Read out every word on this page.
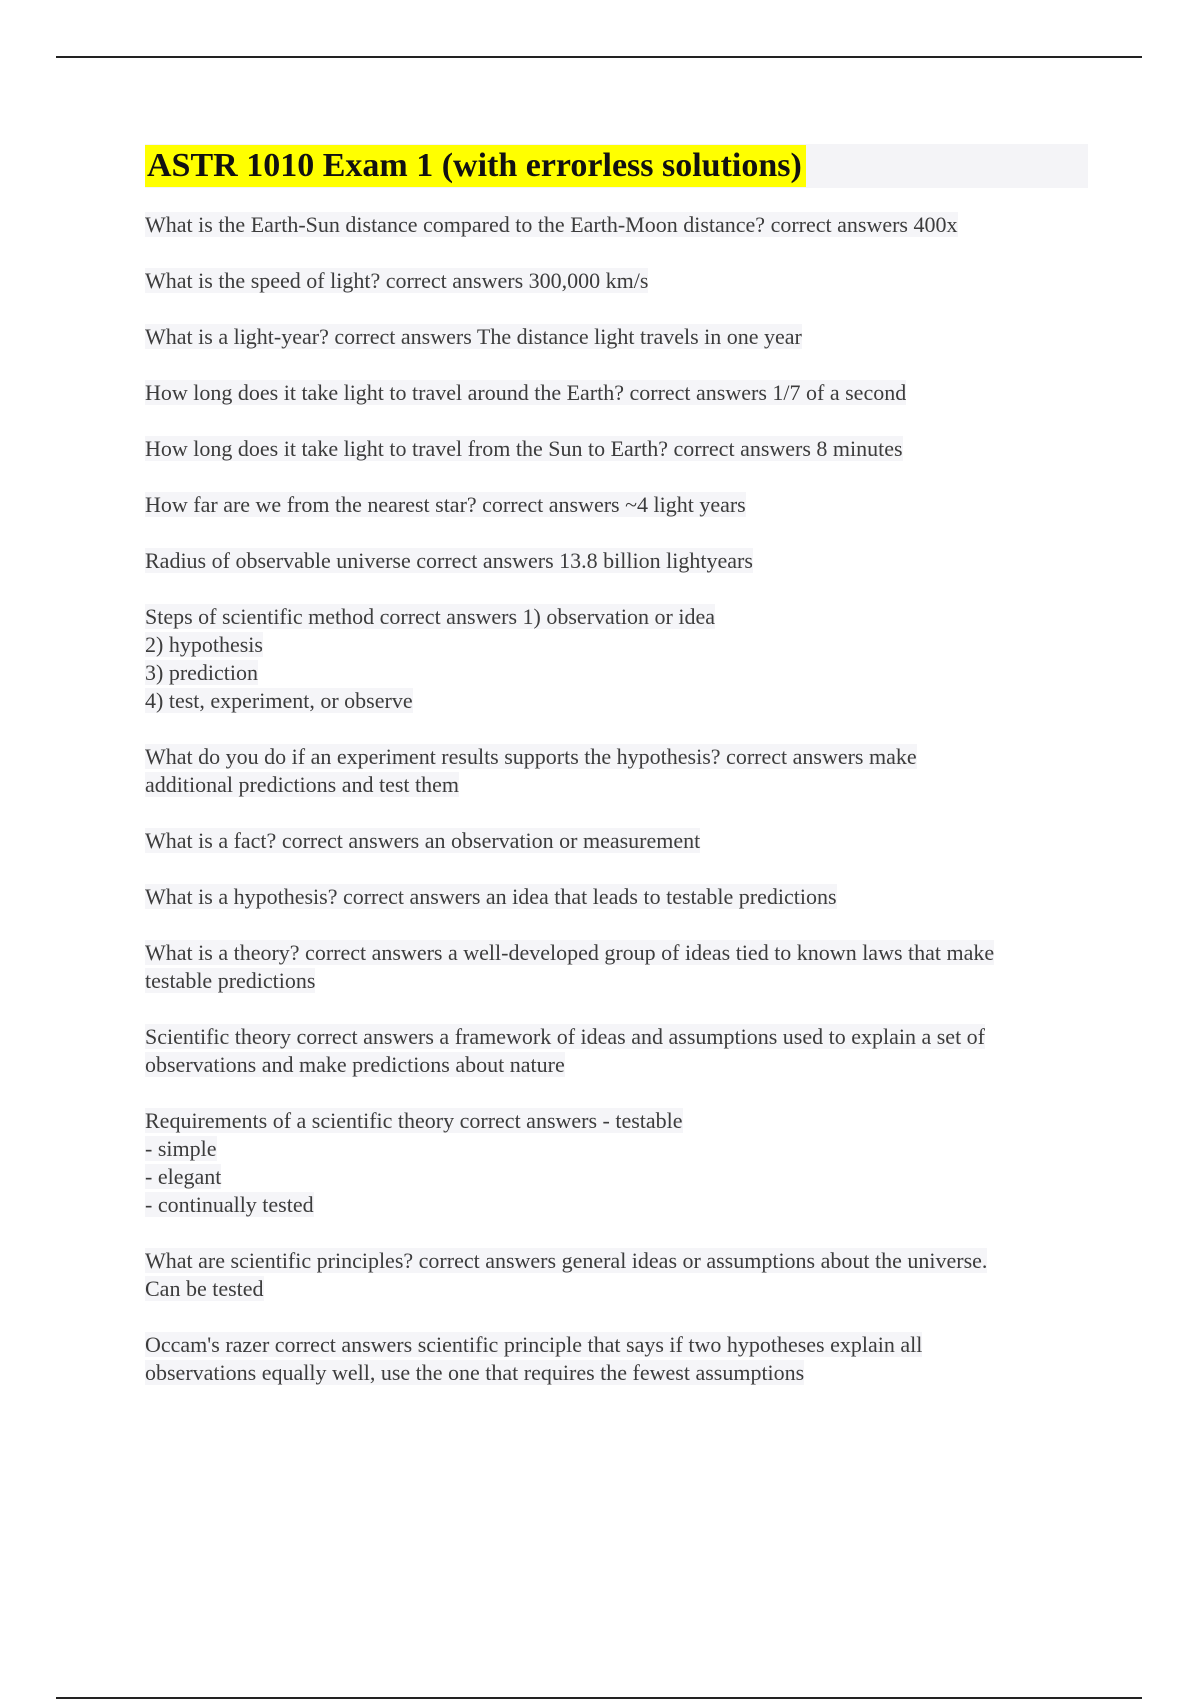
ASTR 1010 Exam 1 (with errorless solutions)
What is the Earth-Sun distance compared to the Earth-Moon distance? correct answers 400x
What is the speed of light? correct answers 300,000 km/s
What is a light-year? correct answers The distance light travels in one year
How long does it take light to travel around the Earth? correct answers 1/7 of a second
How long does it take light to travel from the Sun to Earth? correct answers 8 minutes
How far are we from the nearest star? correct answers ~4 light years
Radius of observable universe correct answers 13.8 billion lightyears
Steps of scientific method correct answers 1) observation or idea
2) hypothesis
3) prediction
4) test, experiment, or observe
What do you do if an experiment results supports the hypothesis? correct answers make
additional predictions and test them
What is a fact? correct answers an observation or measurement
What is a hypothesis? correct answers an idea that leads to testable predictions
What is a theory? correct answers a well-developed group of ideas tied to known laws that make
testable predictions
Scientific theory correct answers a framework of ideas and assumptions used to explain a set of
observations and make predictions about nature
Requirements of a scientific theory correct answers - testable
- simple
- elegant
- continually tested
What are scientific principles? correct answers general ideas or assumptions about the universe.
Can be tested
Occam's razer correct answers scientific principle that says if two hypotheses explain all
observations equally well, use the one that requires the fewest assumptions
